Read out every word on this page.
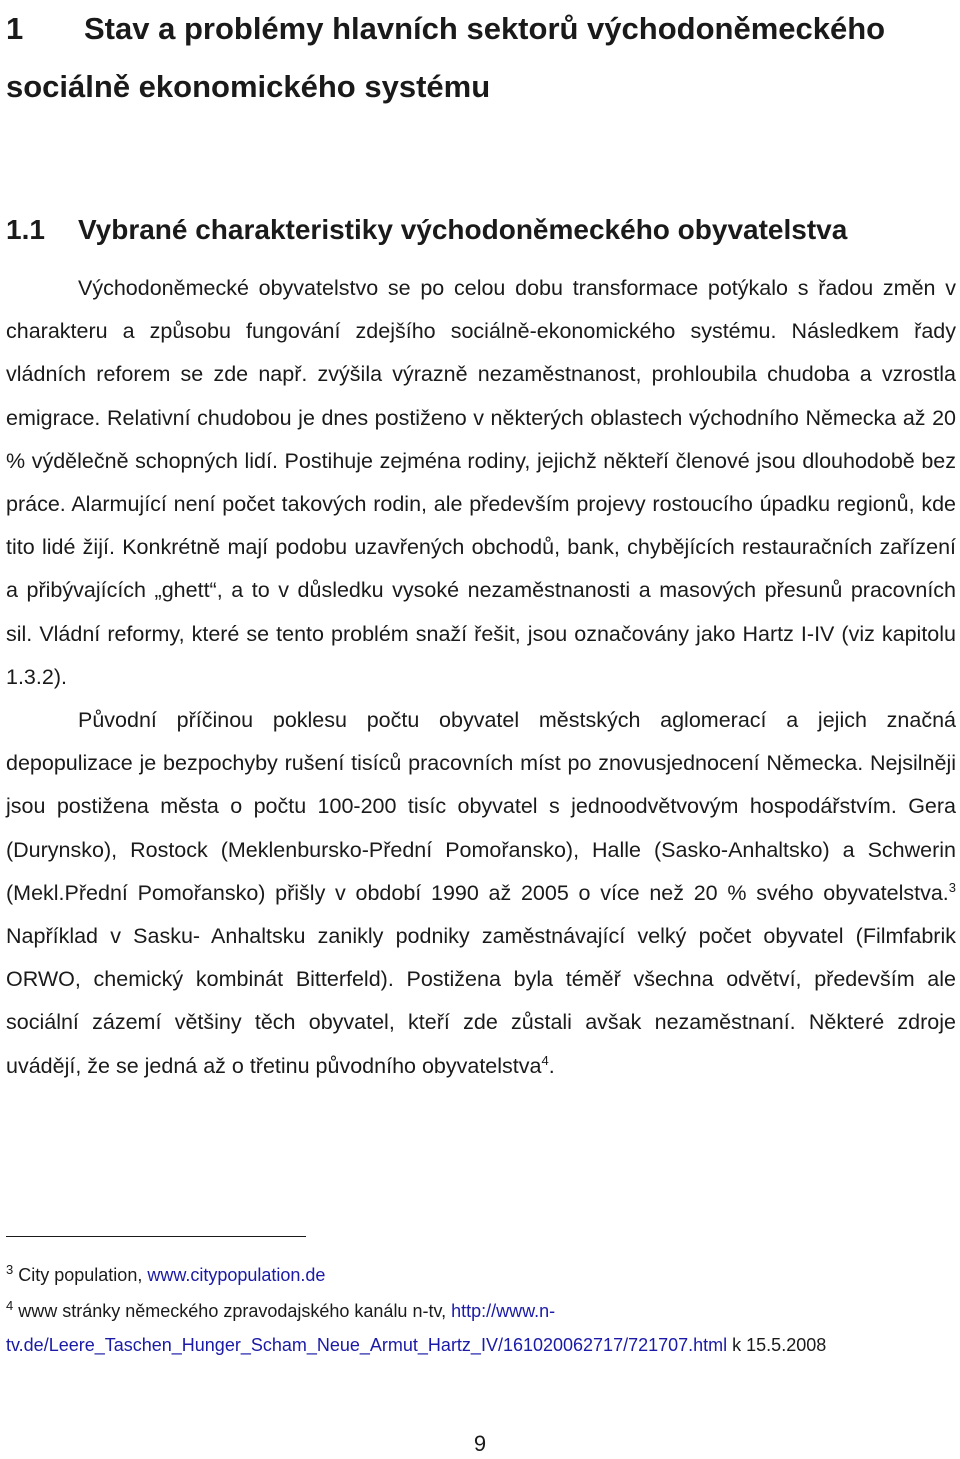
1 Stav a problémy hlavních sektorů východoněmeckého
sociálně ekonomického systému
1.1 Vybrané charakteristiky východoněmeckého obyvatelstva

Východoněmecké obyvatelstvo se po celou dobu transformace potýkalo s řadou změn v charakteru a způsobu fungování zdejšího sociálně-ekonomického systému. Následkem řady vládních reforem se zde např. zvýšila výrazně nezaměstnanost, prohloubila chudoba a vzrostla emigrace. Relativní chudobou je dnes postiženo v některých oblastech východního Německa až 20 % výdělečně schopných lidí. Postihuje zejména rodiny, jejichž někteří členové jsou dlouhodobě bez práce. Alarmující není počet takových rodin, ale především projevy rostoucího úpadku regionů, kde tito lidé žijí. Konkrétně mají podobu uzavřených obchodů, bank, chybějících restauračních zařízení a přibývajících „ghett“, a to v důsledku vysoké nezaměstnanosti a masových přesunů pracovních sil. Vládní reformy, které se tento problém snaží řešit, jsou označovány jako Hartz I-IV (viz kapitolu 1.3.2).

Původní příčinou poklesu počtu obyvatel městských aglomerací a jejich značná depopulizace je bezpochyby rušení tisíců pracovních míst po znovusjednocení Německa. Nejsilněji jsou postižena města o počtu 100-200 tisíc obyvatel s jednoodvětvovým hospodářstvím. Gera (Durynsko), Rostock (Meklenbursko-Přední Pomořansko), Halle (Sasko-Anhaltsko) a Schwerin (Mekl.Přední Pomořansko) přišly v období 1990 až 2005 o více než 20 % svého obyvatelstva.$^3$ Například v Sasku- Anhaltsku zanikly podniky zaměstnávající velký počet obyvatel (Filmfabrik ORWO, chemický kombinát Bitterfeld). Postižena byla téměř všechna odvětví, především ale sociální zázemí většiny těch obyvatel, kteří zde zůstali avšak nezaměstnaní. Některé zdroje uvádějí, že se jedná až o třetinu původního obyvatelstva$^4$.

$^3$ City population, www.citypopulation.de

$^4$ www stránky německého zpravodajského kanálu n-tv, http://www.n-
tv.de/Leere_Taschen_Hunger_Scham_Neue_Armut_Hartz_IV/161020062717/721707.html k 15.5.2008

9
